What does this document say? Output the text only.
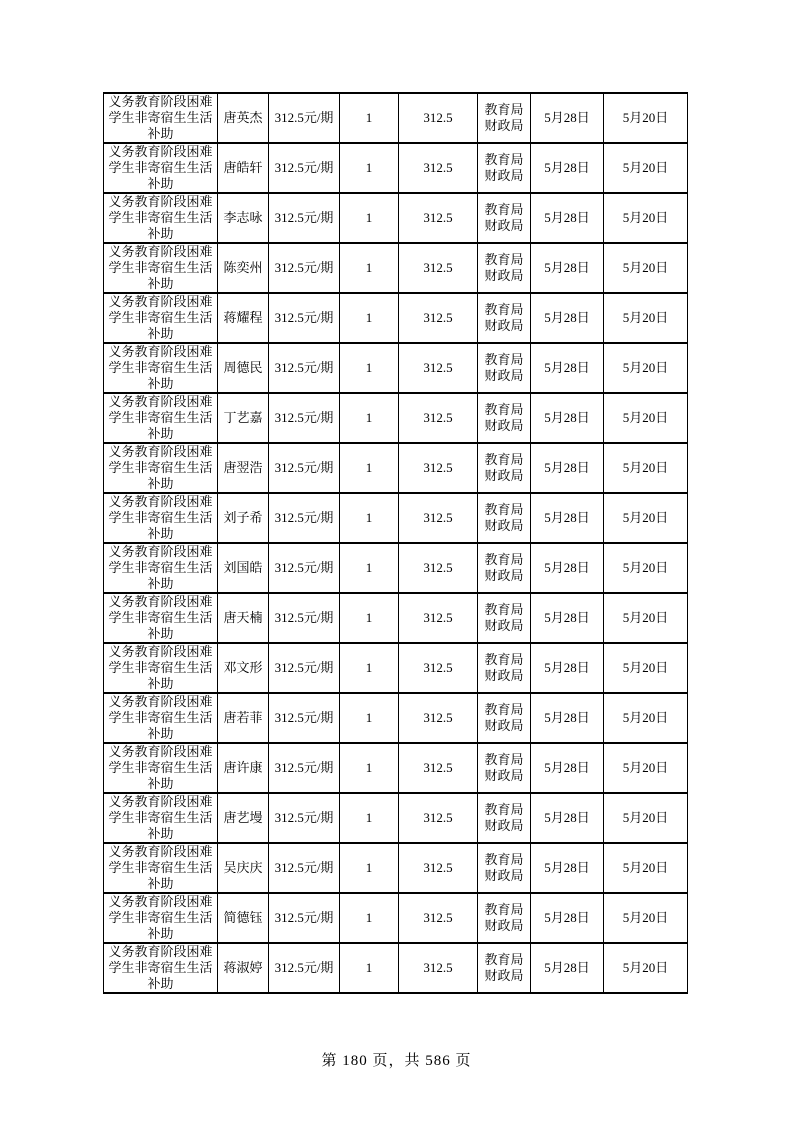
义务教育阶段困难学生非寄宿生生活补助	唐英杰	312.5元/期	1	312.5	教育局财政局	5月28日	5月20日
义务教育阶段困难学生非寄宿生生活补助	唐皓轩	312.5元/期	1	312.5	教育局财政局	5月28日	5月20日
义务教育阶段困难学生非寄宿生生活补助	李志咏	312.5元/期	1	312.5	教育局财政局	5月28日	5月20日
义务教育阶段困难学生非寄宿生生活补助	陈奕州	312.5元/期	1	312.5	教育局财政局	5月28日	5月20日
义务教育阶段困难学生非寄宿生生活补助	蒋耀程	312.5元/期	1	312.5	教育局财政局	5月28日	5月20日
义务教育阶段困难学生非寄宿生生活补助	周德民	312.5元/期	1	312.5	教育局财政局	5月28日	5月20日
义务教育阶段困难学生非寄宿生生活补助	丁艺嘉	312.5元/期	1	312.5	教育局财政局	5月28日	5月20日
义务教育阶段困难学生非寄宿生生活补助	唐翌浩	312.5元/期	1	312.5	教育局财政局	5月28日	5月20日
义务教育阶段困难学生非寄宿生生活补助	刘子希	312.5元/期	1	312.5	教育局财政局	5月28日	5月20日
义务教育阶段困难学生非寄宿生生活补助	刘国皓	312.5元/期	1	312.5	教育局财政局	5月28日	5月20日
义务教育阶段困难学生非寄宿生生活补助	唐天楠	312.5元/期	1	312.5	教育局财政局	5月28日	5月20日
义务教育阶段困难学生非寄宿生生活补助	邓文形	312.5元/期	1	312.5	教育局财政局	5月28日	5月20日
义务教育阶段困难学生非寄宿生生活补助	唐若菲	312.5元/期	1	312.5	教育局财政局	5月28日	5月20日
义务教育阶段困难学生非寄宿生生活补助	唐许康	312.5元/期	1	312.5	教育局财政局	5月28日	5月20日
义务教育阶段困难学生非寄宿生生活补助	唐艺墁	312.5元/期	1	312.5	教育局财政局	5月28日	5月20日
义务教育阶段困难学生非寄宿生生活补助	吴庆庆	312.5元/期	1	312.5	教育局财政局	5月28日	5月20日
义务教育阶段困难学生非寄宿生生活补助	简德钰	312.5元/期	1	312.5	教育局财政局	5月28日	5月20日
义务教育阶段困难学生非寄宿生生活补助	蒋淑婷	312.5元/期	1	312.5	教育局财政局	5月28日	5月20日
第 180 页，共 586 页
